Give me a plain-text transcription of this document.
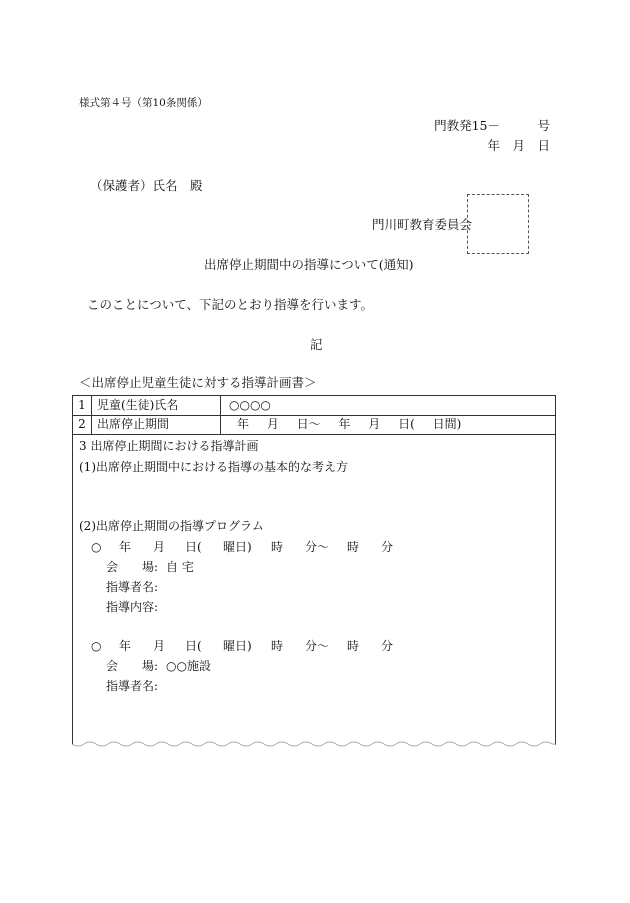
様式第４号（第10条関係）
門教発15－　　　号
年　月　日
（保護者）氏名　殿
門川町教育委員会
出席停止期間中の指導について(通知)
このことについて、下記のとおり指導を行います。
記
＜出席停止児童生徒に対する指導計画書＞
1 児童(生徒)氏名	○○○○
2 出席停止期間	年　 月　 日～　 年　 月　 日(　 日間)
3 出席停止期間における指導計画
(1)出席停止期間中における指導の基本的な考え方
(2)出席停止期間の指導プログラム
○ 年 月 日( 曜日) 時 分～ 時 分
会　　場: 自 宅
指導者名:
指導内容:
○ 年 月 日( 曜日) 時 分～ 時 分
会　　場: ○○施設
指導者名:
